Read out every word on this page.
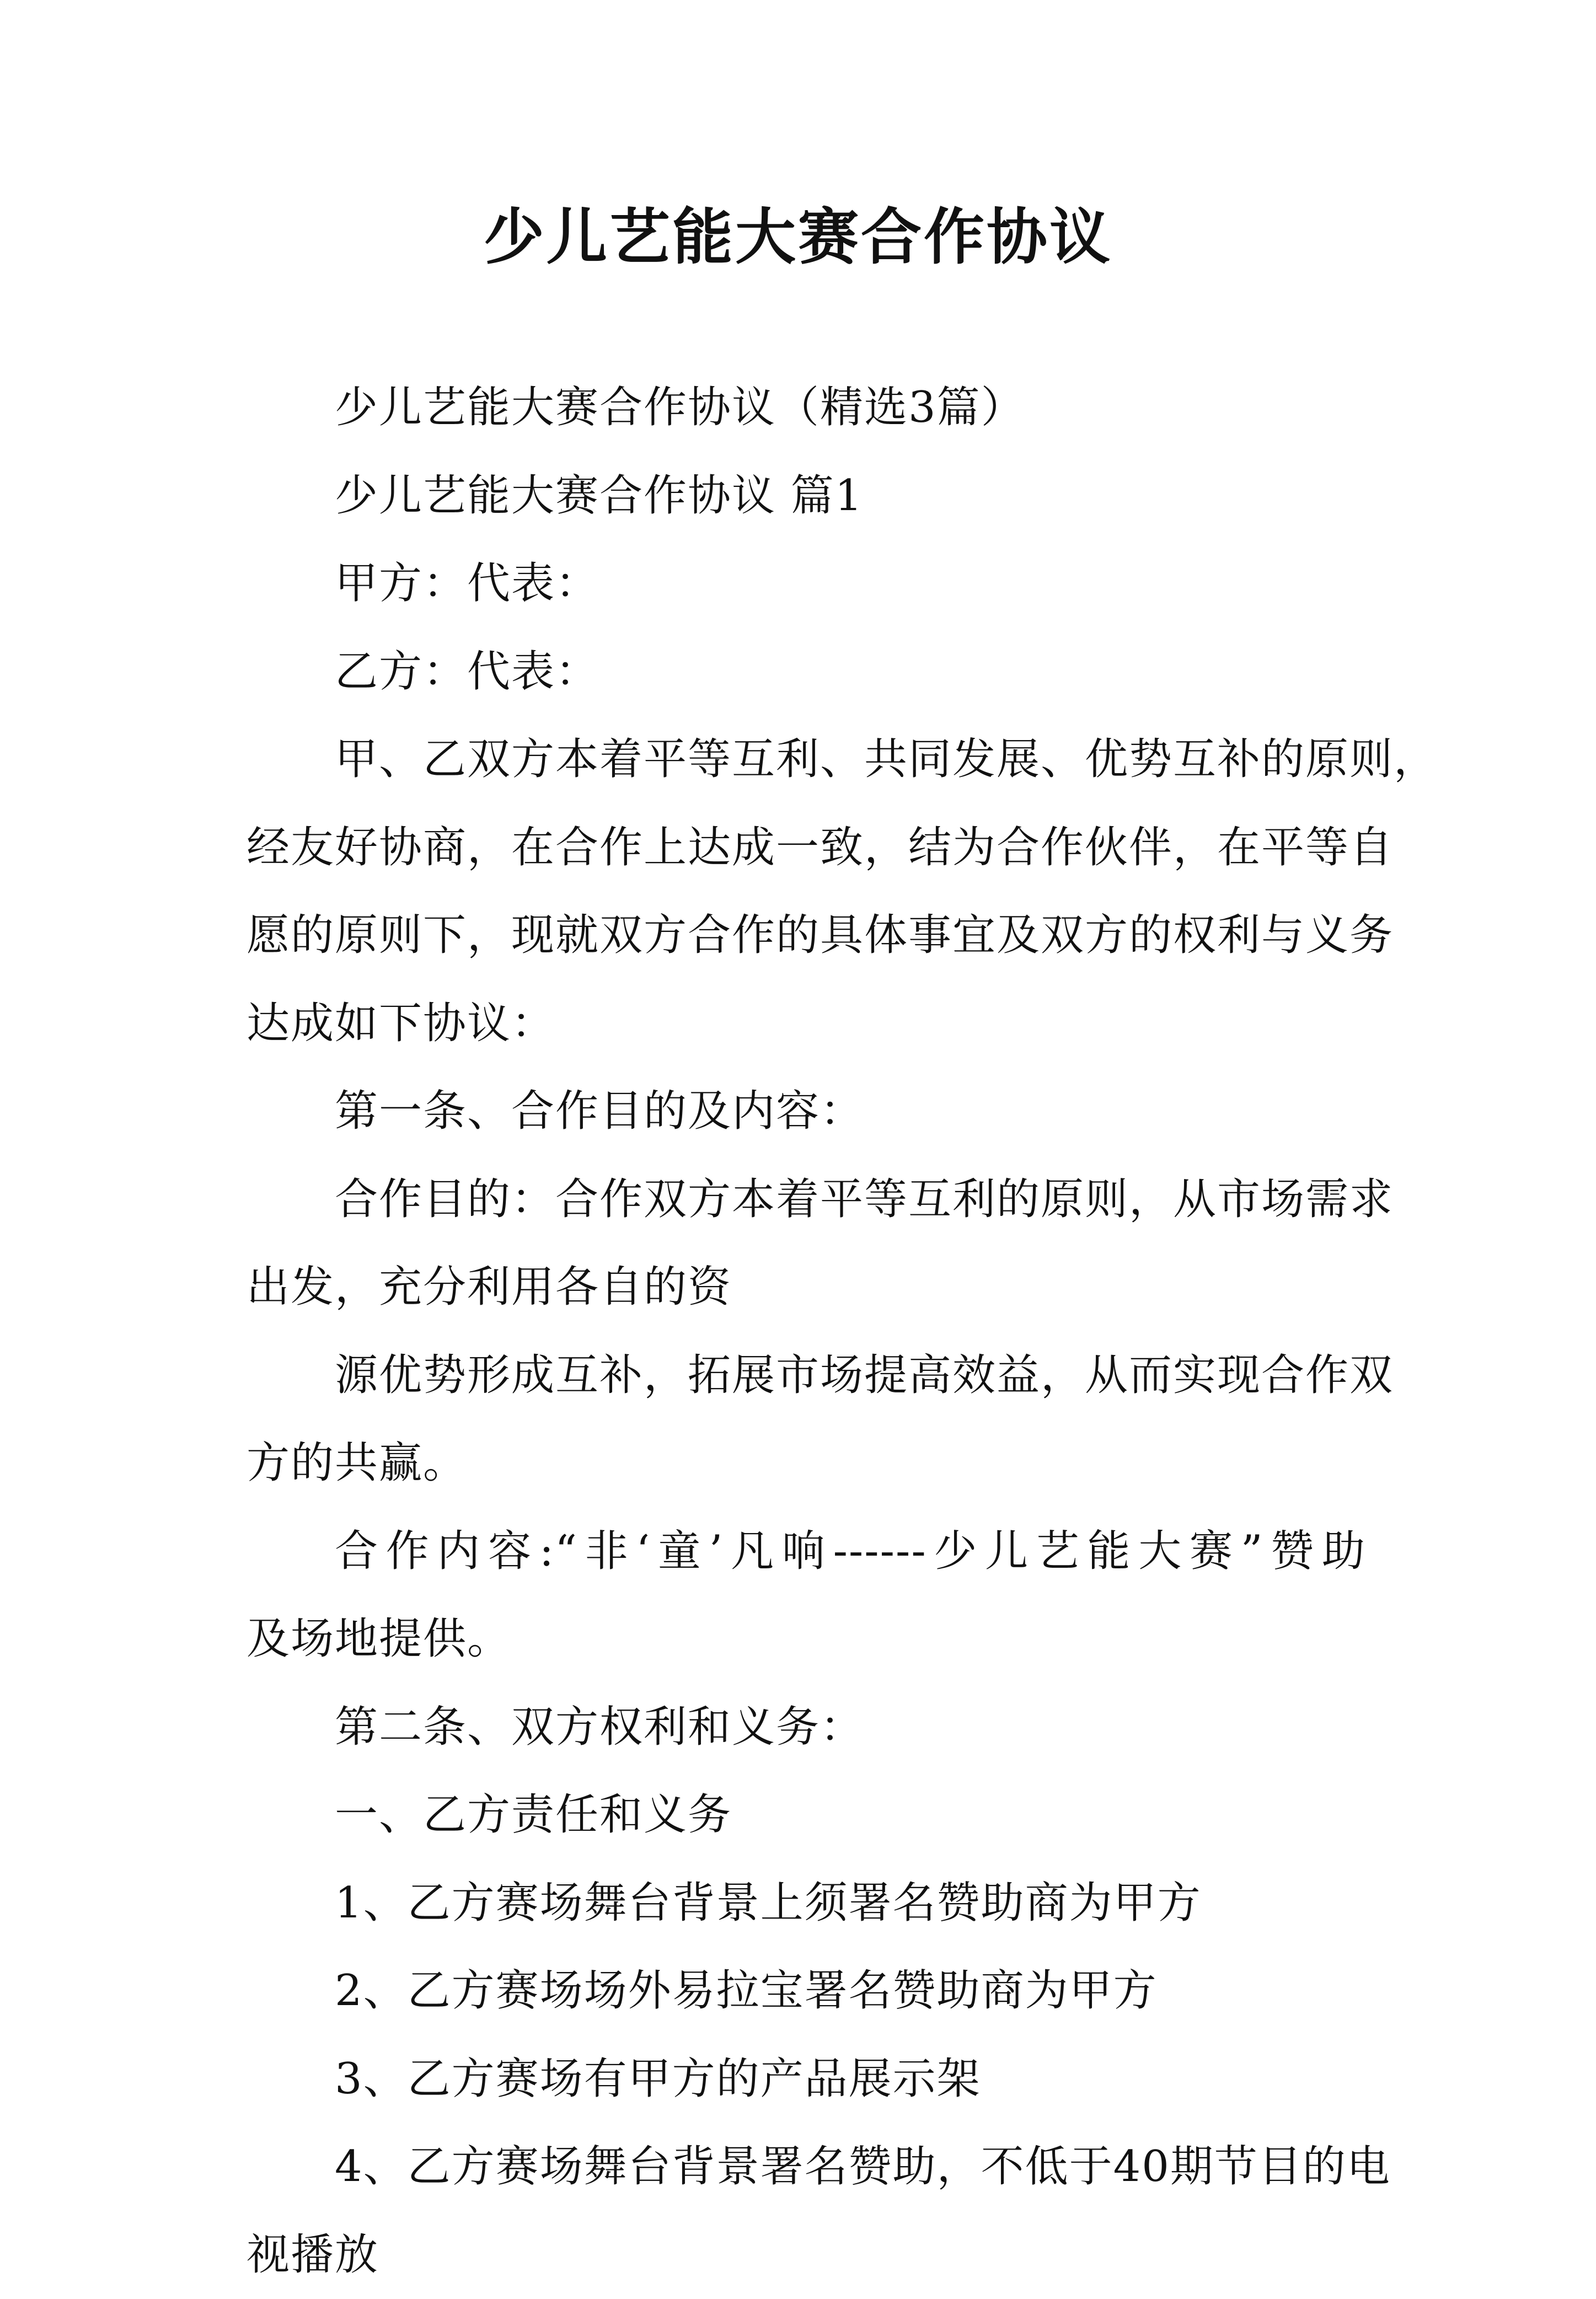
少儿艺能大赛合作协议
少儿艺能大赛合作协议（精选3篇）
少儿艺能大赛合作协议 篇1
甲方：代表：
乙方：代表：
甲、乙双方本着平等互利、共同发展、优势互补的原则，
经友好协商，在合作上达成一致，结为合作伙伴，在平等自
愿的原则下，现就双方合作的具体事宜及双方的权利与义务
达成如下协议：
第一条、合作目的及内容：
合作目的：合作双方本着平等互利的原则，从市场需求
出发，充分利用各自的资
源优势形成互补，拓展市场提高效益，从而实现合作双
方的共赢。
合作内容:“非‘童’凡响------少儿艺能大赛”赞助
及场地提供。
第二条、双方权利和义务：
一、乙方责任和义务
1、乙方赛场舞台背景上须署名赞助商为甲方
2、乙方赛场场外易拉宝署名赞助商为甲方
3、乙方赛场有甲方的产品展示架
4、乙方赛场舞台背景署名赞助，不低于40期节目的电
视播放
